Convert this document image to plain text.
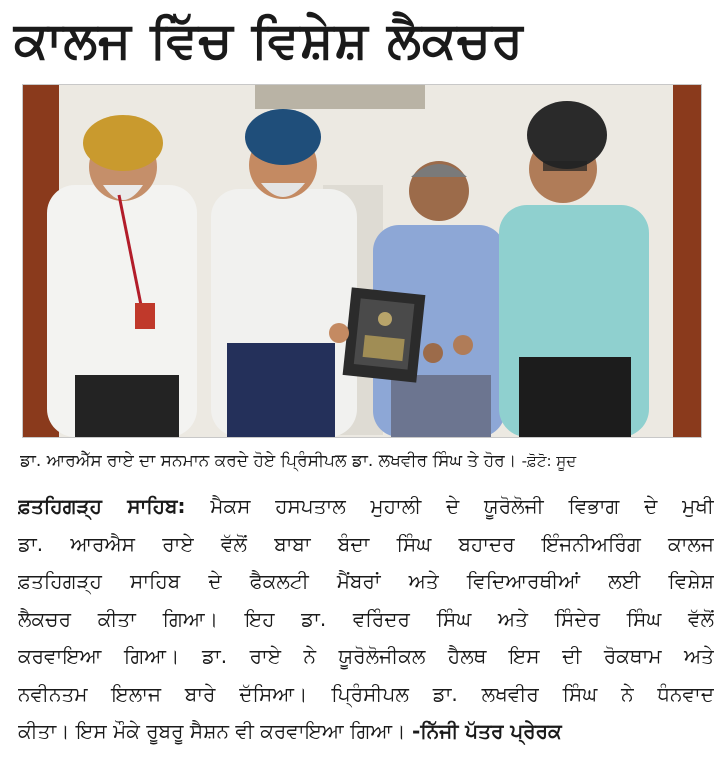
ਕਾਲਜ ਵਿੱਚ ਵਿਸ਼ੇਸ਼ ਲੈਕਚਰ
ਡਾ. ਆਰਐੱਸ ਰਾਏ ਦਾ ਸਨਮਾਨ ਕਰਦੇ ਹੋਏ ਪ੍ਰਿੰਸੀਪਲ ਡਾ. ਲਖਵੀਰ ਸਿੰਘ ਤੇ ਹੋਰ। -ਫ਼ੋਟੋ: ਸੂਦ
ਫ਼ਤਹਿਗੜ੍ਹ ਸਾਹਿਬ: ਮੈਕਸ ਹਸਪਤਾਲ ਮੁਹਾਲੀ ਦੇ ਯੂਰੋਲੋਜੀ ਵਿਭਾਗ ਦੇ ਮੁਖੀ
ਡਾ. ਆਰਐਸ ਰਾਏ ਵੱਲੋਂ ਬਾਬਾ ਬੰਦਾ ਸਿੰਘ ਬਹਾਦਰ ਇੰਜਨੀਅਰਿੰਗ ਕਾਲਜ
ਫ਼ਤਹਿਗੜ੍ਹ ਸਾਹਿਬ ਦੇ ਫੈਕਲਟੀ ਮੈਂਬਰਾਂ ਅਤੇ ਵਿਦਿਆਰਥੀਆਂ ਲਈ ਵਿਸ਼ੇਸ਼
ਲੈਕਚਰ ਕੀਤਾ ਗਿਆ। ਇਹ ਡਾ. ਵਰਿੰਦਰ ਸਿੰਘ ਅਤੇ ਸਿੰਦੇਰ ਸਿੰਘ ਵੱਲੋਂ
ਕਰਵਾਇਆ ਗਿਆ। ਡਾ. ਰਾਏ ਨੇ ਯੂਰੋਲੋਜੀਕਲ ਹੈਲਥ ਇਸ ਦੀ ਰੋਕਥਾਮ ਅਤੇ
ਨਵੀਨਤਮ ਇਲਾਜ ਬਾਰੇ ਦੱਸਿਆ। ਪ੍ਰਿੰਸੀਪਲ ਡਾ. ਲਖਵੀਰ ਸਿੰਘ ਨੇ ਧੰਨਵਾਦ
ਕੀਤਾ। ਇਸ ਮੌਕੇ ਰੂਬਰੂ ਸੈਸ਼ਨ ਵੀ ਕਰਵਾਇਆ ਗਿਆ। -ਨਿੱਜੀ ਪੱਤਰ ਪ੍ਰੇਰਕ
